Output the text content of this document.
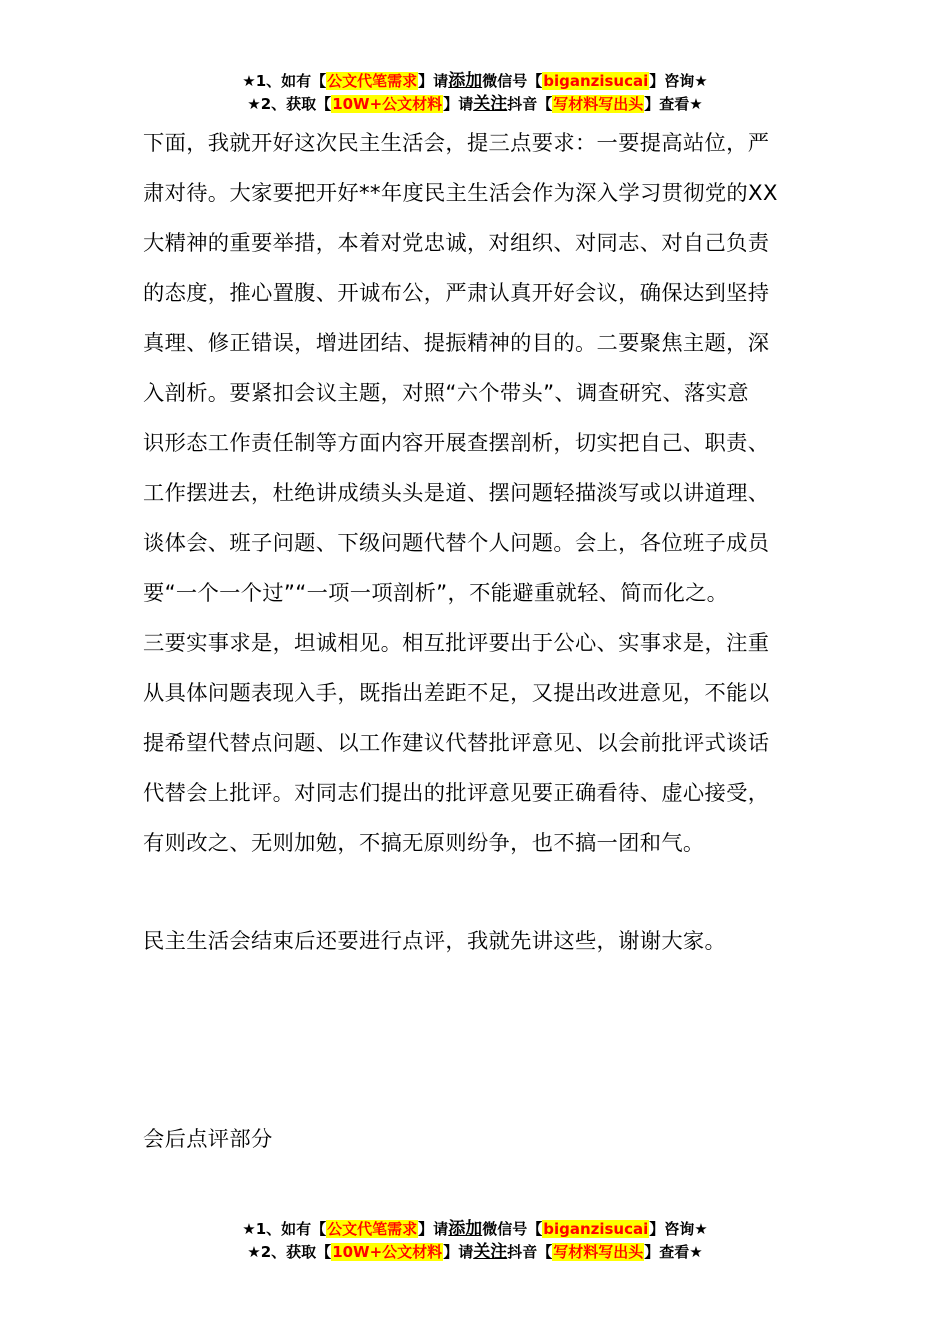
★1、如有【公文代笔需求】请添加微信号【biganzisucai】咨询★
★2、获取【10W+公文材料】请关注抖音【写材料写出头】查看★
下面，我就开好这次民主生活会，提三点要求：一要提高站位，严
肃对待。大家要把开好**年度民主生活会作为深入学习贯彻党的XX
大精神的重要举措，本着对党忠诚，对组织、对同志、对自己负责
的态度，推心置腹、开诚布公，严肃认真开好会议，确保达到坚持
真理、修正错误，增进团结、提振精神的目的。二要聚焦主题，深
入剖析。要紧扣会议主题，对照“六个带头”、调查研究、落实意
识形态工作责任制等方面内容开展查摆剖析，切实把自己、职责、
工作摆进去，杜绝讲成绩头头是道、摆问题轻描淡写或以讲道理、
谈体会、班子问题、下级问题代替个人问题。会上，各位班子成员
要“一个一个过”“一项一项剖析”，不能避重就轻、简而化之。
三要实事求是，坦诚相见。相互批评要出于公心、实事求是，注重
从具体问题表现入手，既指出差距不足，又提出改进意见，不能以
提希望代替点问题、以工作建议代替批评意见、以会前批评式谈话
代替会上批评。对同志们提出的批评意见要正确看待、虚心接受，
有则改之、无则加勉，不搞无原则纷争，也不搞一团和气。
民主生活会结束后还要进行点评，我就先讲这些，谢谢大家。
会后点评部分
★1、如有【公文代笔需求】请添加微信号【biganzisucai】咨询★
★2、获取【10W+公文材料】请关注抖音【写材料写出头】查看★
